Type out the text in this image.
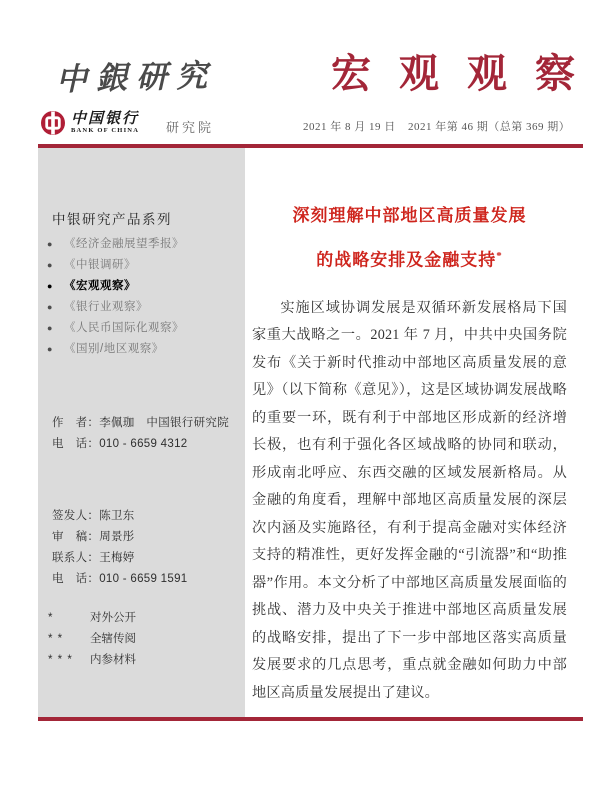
中銀研究	宏 观 观 察
中国银行
BANK OF CHINA	研究院	2021 年 8 月 19 日 2021 年第 46 期（总第 369 期）
中银研究产品系列
● 《经济金融展望季报》
● 《中银调研》
● 《宏观观察》
● 《银行业观察》
● 《人民币国际化观察》
● 《国别/地区观察》
作　者：李佩珈　中国银行研究院
电　话：010 - 6659 4312
签发人：陈卫东
审　稿：周景彤
联系人：王梅婷
电　话：010 - 6659 1591
*	对外公开
* *	全辖传阅
* * *	内参材料
深刻理解中部地区高质量发展
的战略安排及金融支持*
实施区域协调发展是双循环新发展格局下国家重大战略之一。2021 年 7 月，中共中央国务院发布《关于新时代推动中部地区高质量发展的意见》（以下简称《意见》），这是区域协调发展战略的重要一环，既有利于中部地区形成新的经济增长极，也有利于强化各区域战略的协同和联动，形成南北呼应、东西交融的区域发展新格局。从金融的角度看，理解中部地区高质量发展的深层次内涵及实施路径，有利于提高金融对实体经济支持的精准性，更好发挥金融的“引流器”和“助推器”作用。本文分析了中部地区高质量发展面临的挑战、潜力及中央关于推进中部地区高质量发展的战略安排，提出了下一步中部地区落实高质量发展要求的几点思考，重点就金融如何助力中部地区高质量发展提出了建议。
